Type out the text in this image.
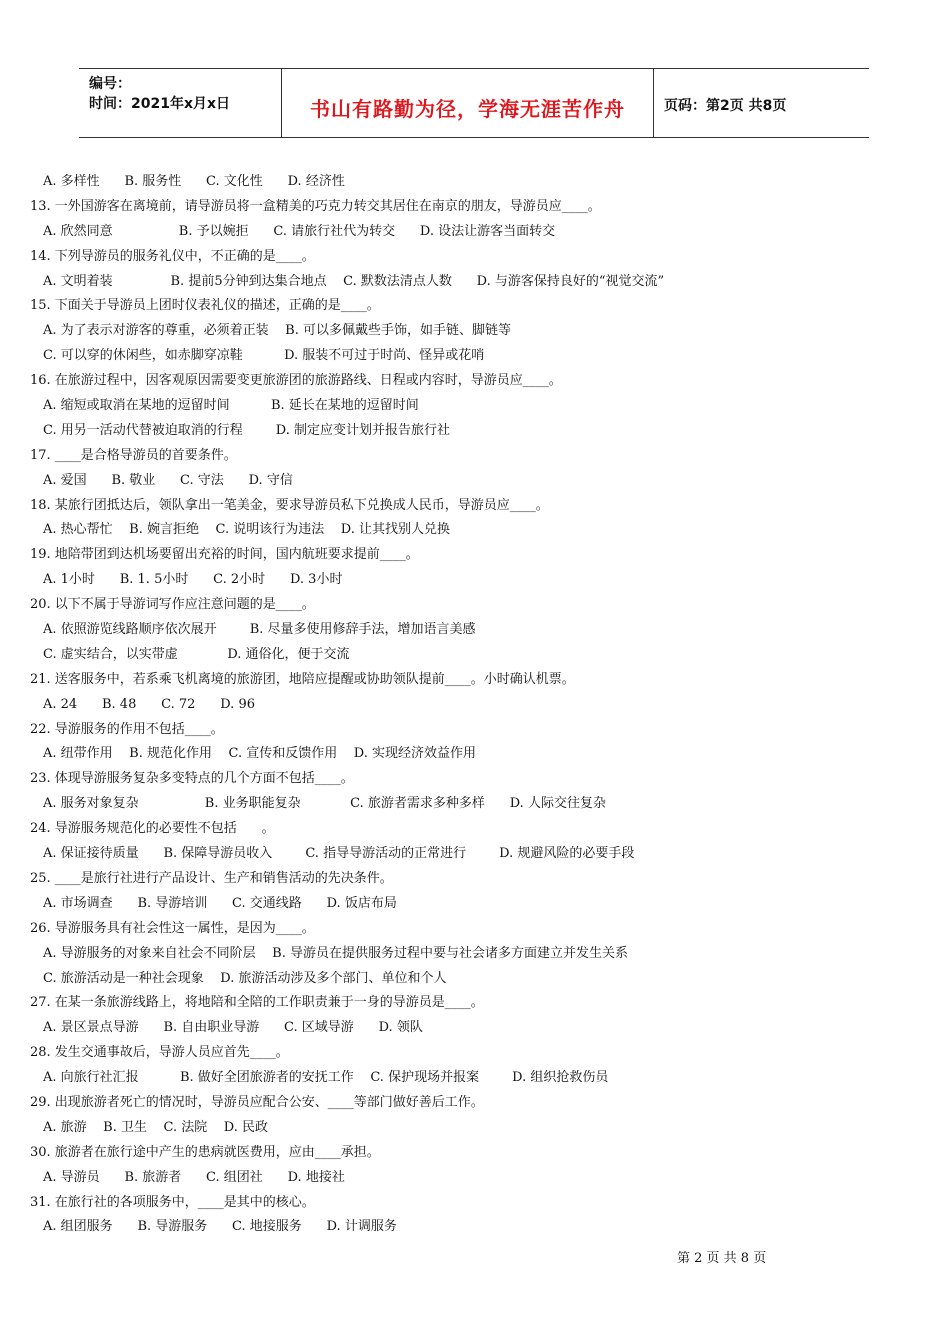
编号：
时间：2021年x月x日	书山有路勤为径，学海无涯苦作舟	页码：第2页 共8页
A. 多样性      B. 服务性      C. 文化性      D. 经济性
13. 一外国游客在离境前，请导游员将一盒精美的巧克力转交其居住在南京的朋友，导游员应____。
A. 欣然同意                B. 予以婉拒      C. 请旅行社代为转交      D. 设法让游客当面转交
14. 下列导游员的服务礼仪中，不正确的是____。
A. 文明着装              B. 提前5分钟到达集合地点    C. 默数法清点人数      D. 与游客保持良好的“视觉交流”
15. 下面关于导游员上团时仪表礼仪的描述，正确的是____。
A. 为了表示对游客的尊重，必须着正装    B. 可以多佩戴些手饰，如手链、脚链等
C. 可以穿的休闲些，如赤脚穿凉鞋          D. 服装不可过于时尚、怪异或花哨
16. 在旅游过程中，因客观原因需要变更旅游团的旅游路线、日程或内容时，导游员应____。
A. 缩短或取消在某地的逗留时间          B. 延长在某地的逗留时间
C. 用另一活动代替被迫取消的行程        D. 制定应变计划并报告旅行社
17. ____是合格导游员的首要条件。
A. 爱国      B. 敬业      C. 守法      D. 守信
18. 某旅行团抵达后，领队拿出一笔美金，要求导游员私下兑换成人民币，导游员应____。
A. 热心帮忙    B. 婉言拒绝    C. 说明该行为违法    D. 让其找别人兑换
19. 地陪带团到达机场要留出充裕的时间，国内航班要求提前____。
A. 1小时      B. 1. 5小时      C. 2小时      D. 3小时
20. 以下不属于导游词写作应注意问题的是____。
A. 依照游览线路顺序依次展开        B. 尽量多使用修辞手法，增加语言美感
C. 虚实结合，以实带虚            D. 通俗化，便于交流
21. 送客服务中，若系乘飞机离境的旅游团，地陪应提醒或协助领队提前____。小时确认机票。
A. 24      B. 48      C. 72      D. 96
22. 导游服务的作用不包括____。
A. 纽带作用    B. 规范化作用    C. 宣传和反馈作用    D. 实现经济效益作用
23. 体现导游服务复杂多变特点的几个方面不包括____。
A. 服务对象复杂                B. 业务职能复杂            C. 旅游者需求多种多样      D. 人际交往复杂
24. 导游服务规范化的必要性不包括      。
A. 保证接待质量      B. 保障导游员收入        C. 指导导游活动的正常进行        D. 规避风险的必要手段
25. ____是旅行社进行产品设计、生产和销售活动的先决条件。
A. 市场调查      B. 导游培训      C. 交通线路      D. 饭店布局
26. 导游服务具有社会性这一属性，是因为____。
A. 导游服务的对象来自社会不同阶层    B. 导游员在提供服务过程中要与社会诸多方面建立并发生关系
C. 旅游活动是一种社会现象    D. 旅游活动涉及多个部门、单位和个人
27. 在某一条旅游线路上，将地陪和全陪的工作职责兼于一身的导游员是____。
A. 景区景点导游      B. 自由职业导游      C. 区域导游      D. 领队
28. 发生交通事故后，导游人员应首先____。
A. 向旅行社汇报          B. 做好全团旅游者的安抚工作    C. 保护现场并报案        D. 组织抢救伤员
29. 出现旅游者死亡的情况时，导游员应配合公安、____等部门做好善后工作。
A. 旅游    B. 卫生    C. 法院    D. 民政
30. 旅游者在旅行途中产生的患病就医费用，应由____承担。
A. 导游员      B. 旅游者      C. 组团社      D. 地接社
31. 在旅行社的各项服务中，____是其中的核心。
A. 组团服务      B. 导游服务      C. 地接服务      D. 计调服务
第 2 页 共 8 页
